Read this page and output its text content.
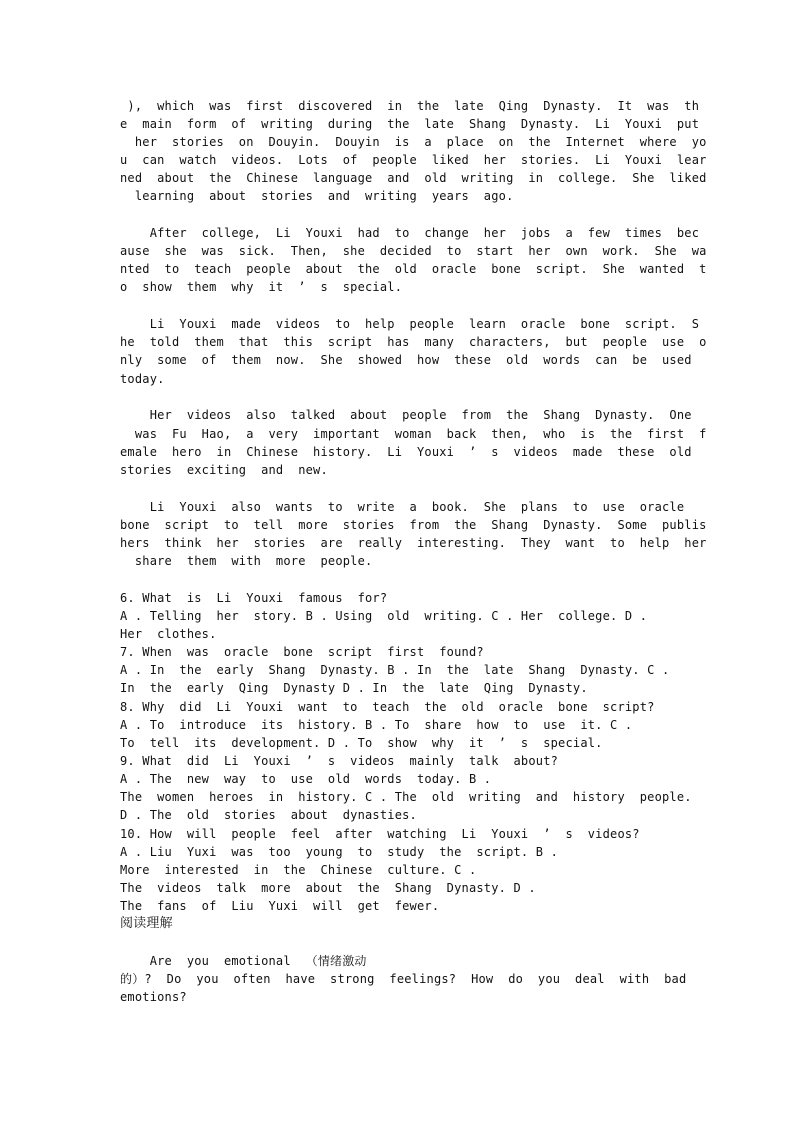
),  which  was  first  discovered  in  the  late  Qing  Dynasty.  It  was  th
e  main  form  of  writing  during  the  late  Shang  Dynasty.  Li  Youxi  put
her  stories  on  Douyin.  Douyin  is  a  place  on  the  Internet  where  yo
u  can  watch  videos.  Lots  of  people  liked  her  stories.  Li  Youxi  lear
ned  about  the  Chinese  language  and  old  writing  in  college.  She  liked
learning  about  stories  and  writing  years  ago.
After  college,  Li  Youxi  had  to  change  her  jobs  a  few  times  bec
ause  she  was  sick.  Then,  she  decided  to  start  her  own  work.  She  wa
nted  to  teach  people  about  the  old  oracle  bone  script.  She  wanted  t
o  show  them  why  it  ’  s  special.
Li  Youxi  made  videos  to  help  people  learn  oracle  bone  script.  S
he  told  them  that  this  script  has  many  characters,  but  people  use  o
nly  some  of  them  now.  She  showed  how  these  old  words  can  be  used
today.
Her  videos  also  talked  about  people  from  the  Shang  Dynasty.  One
was  Fu  Hao,  a  very  important  woman  back  then,  who  is  the  first  f
emale  hero  in  Chinese  history.  Li  Youxi  ’  s  videos  made  these  old
stories  exciting  and  new.
Li  Youxi  also  wants  to  write  a  book.  She  plans  to  use  oracle
bone  script  to  tell  more  stories  from  the  Shang  Dynasty.  Some  publis
hers  think  her  stories  are  really  interesting.  They  want  to  help  her
share  them  with  more  people.
6. What  is  Li  Youxi  famous  for?
A . Telling  her  story. B . Using  old  writing. C . Her  college. D .
Her  clothes.
7. When  was  oracle  bone  script  first  found?
A . In  the  early  Shang  Dynasty. B . In  the  late  Shang  Dynasty. C .
In  the  early  Qing  Dynasty D . In  the  late  Qing  Dynasty.
8. Why  did  Li  Youxi  want  to  teach  the  old  oracle  bone  script?
A . To  introduce  its  history. B . To  share  how  to  use  it. C .
To  tell  its  development. D . To  show  why  it  ’  s  special.
9. What  did  Li  Youxi  ’  s  videos  mainly  talk  about?
A . The  new  way  to  use  old  words  today. B .
The  women  heroes  in  history. C . The  old  writing  and  history  people.
D . The  old  stories  about  dynasties.
10. How  will  people  feel  after  watching  Li  Youxi  ’  s  videos?
A . Liu  Yuxi  was  too  young  to  study  the  script. B .
More  interested  in  the  Chinese  culture. C .
The  videos  talk  more  about  the  Shang  Dynasty. D .
The  fans  of  Liu  Yuxi  will  get  fewer.
阅读理解
Are  you  emotional  （情绪激动
的）?  Do  you  often  have  strong  feelings?  How  do  you  deal  with  bad
emotions?
